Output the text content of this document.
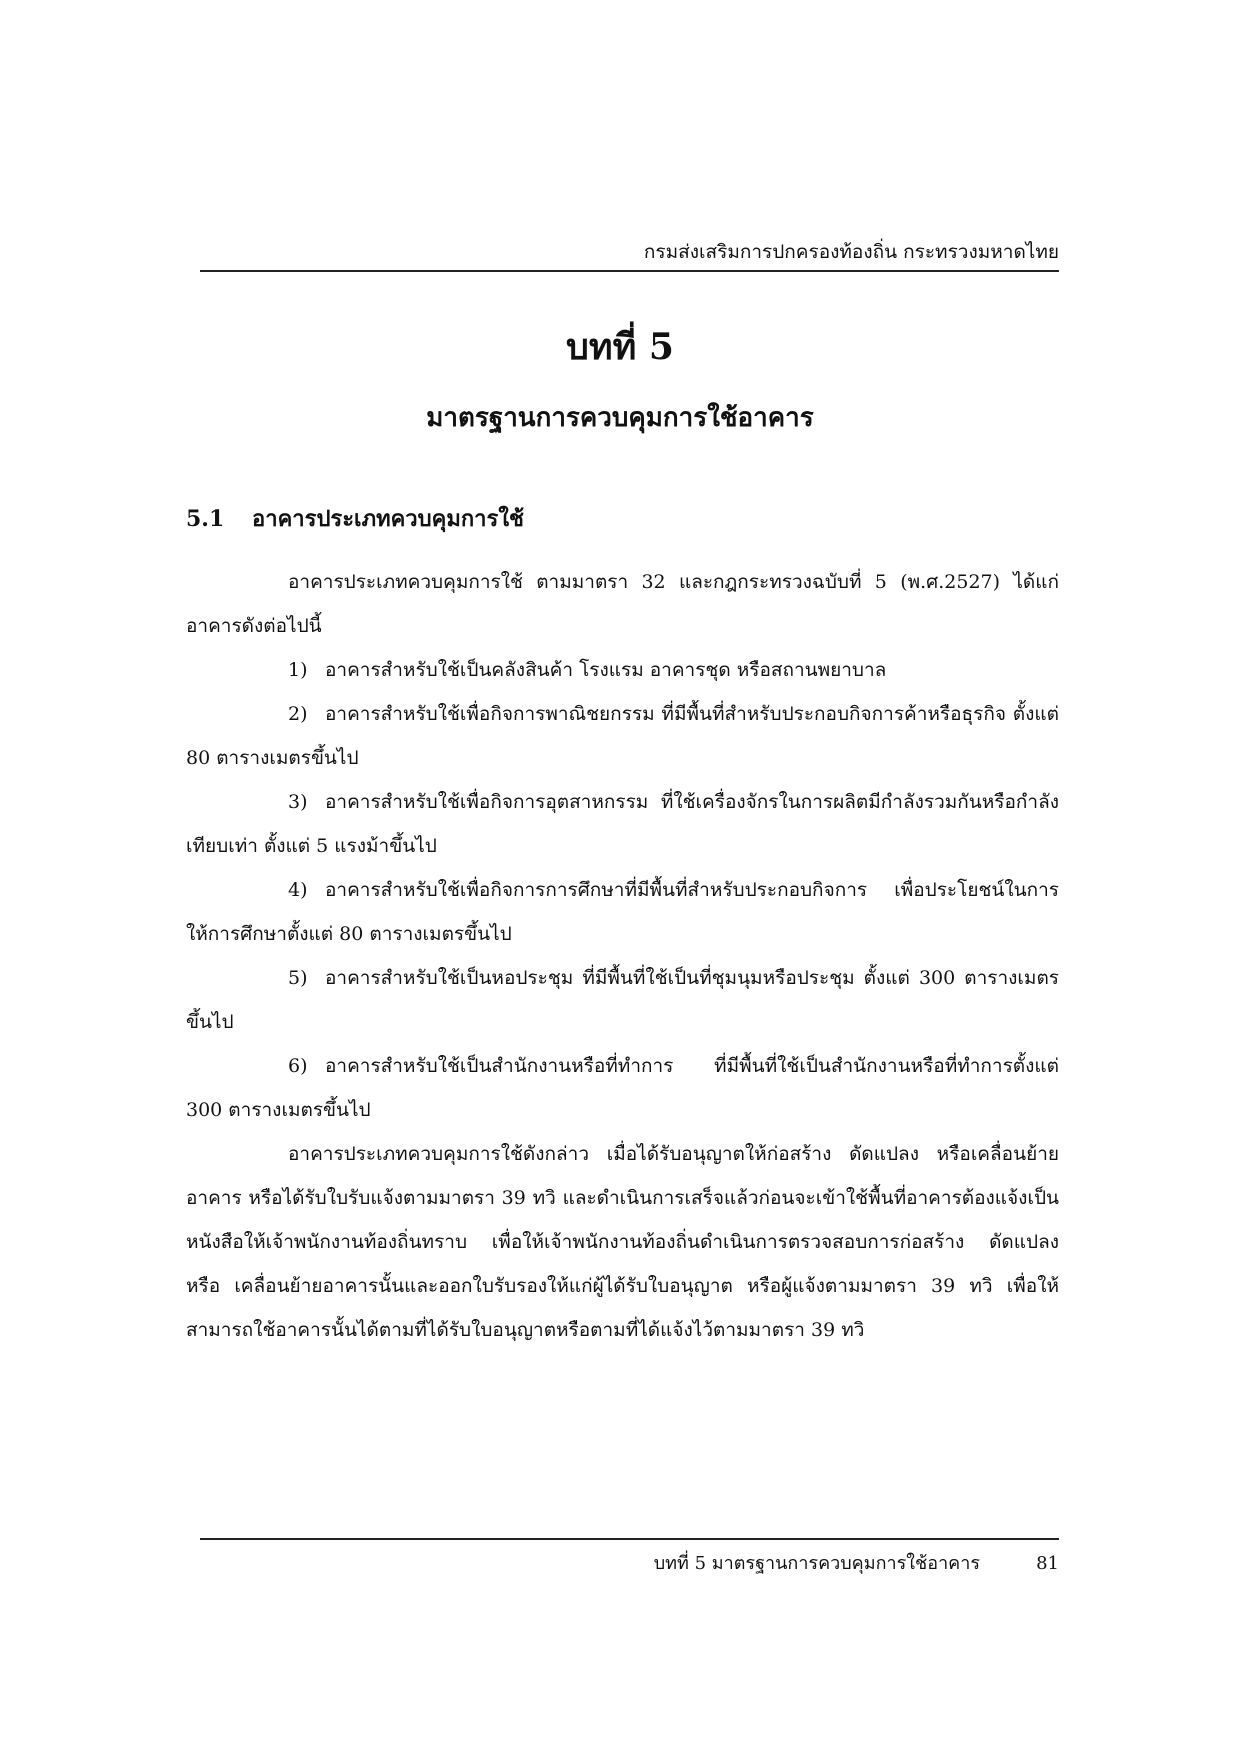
กรมส่งเสริมการปกครองท้องถิ่น กระทรวงมหาดไทย
บทที่ 5
มาตรฐานการควบคุมการใช้อาคาร
5.1 อาคารประเภทควบคุมการใช้

อาคารประเภทควบคุมการใช้ ตามมาตรา 32 และกฎกระทรวงฉบับที่ 5 (พ.ศ.2527) ได้แก่อาคารดังต่อไปนี้

1) อาคารสำหรับใช้เป็นคลังสินค้า โรงแรม อาคารชุด หรือสถานพยาบาล

2) อาคารสำหรับใช้เพื่อกิจการพาณิชยกรรม ที่มีพื้นที่สำหรับประกอบกิจการค้าหรือธุรกิจ ตั้งแต่ 80 ตารางเมตรขึ้นไป

3) อาคารสำหรับใช้เพื่อกิจการอุตสาหกรรม ที่ใช้เครื่องจักรในการผลิตมีกำลังรวมกันหรือกำลังเทียบเท่า ตั้งแต่ 5 แรงม้าขึ้นไป

4) อาคารสำหรับใช้เพื่อกิจการการศึกษาที่มีพื้นที่สำหรับประกอบกิจการ เพื่อประโยชน์ในการให้การศึกษาตั้งแต่ 80 ตารางเมตรขึ้นไป

5) อาคารสำหรับใช้เป็นหอประชุม ที่มีพื้นที่ใช้เป็นที่ชุมนุมหรือประชุม ตั้งแต่ 300 ตารางเมตรขึ้นไป

6) อาคารสำหรับใช้เป็นสำนักงานหรือที่ทำการ ที่มีพื้นที่ใช้เป็นสำนักงานหรือที่ทำการตั้งแต่ 300 ตารางเมตรขึ้นไป

อาคารประเภทควบคุมการใช้ดังกล่าว เมื่อได้รับอนุญาตให้ก่อสร้าง ดัดแปลง หรือเคลื่อนย้ายอาคาร หรือได้รับใบรับแจ้งตามมาตรา 39 ทวิ และดำเนินการเสร็จแล้วก่อนจะเข้าใช้พื้นที่อาคารต้องแจ้งเป็นหนังสือให้เจ้าพนักงานท้องถิ่นทราบ เพื่อให้เจ้าพนักงานท้องถิ่นดำเนินการตรวจสอบการก่อสร้าง ดัดแปลง หรือ เคลื่อนย้ายอาคารนั้นและออกใบรับรองให้แก่ผู้ได้รับใบอนุญาต หรือผู้แจ้งตามมาตรา 39 ทวิ เพื่อให้สามารถใช้อาคารนั้นได้ตามที่ได้รับใบอนุญาตหรือตามที่ได้แจ้งไว้ตามมาตรา 39 ทวิ

บทที่ 5 มาตรฐานการควบคุมการใช้อาคาร	81
